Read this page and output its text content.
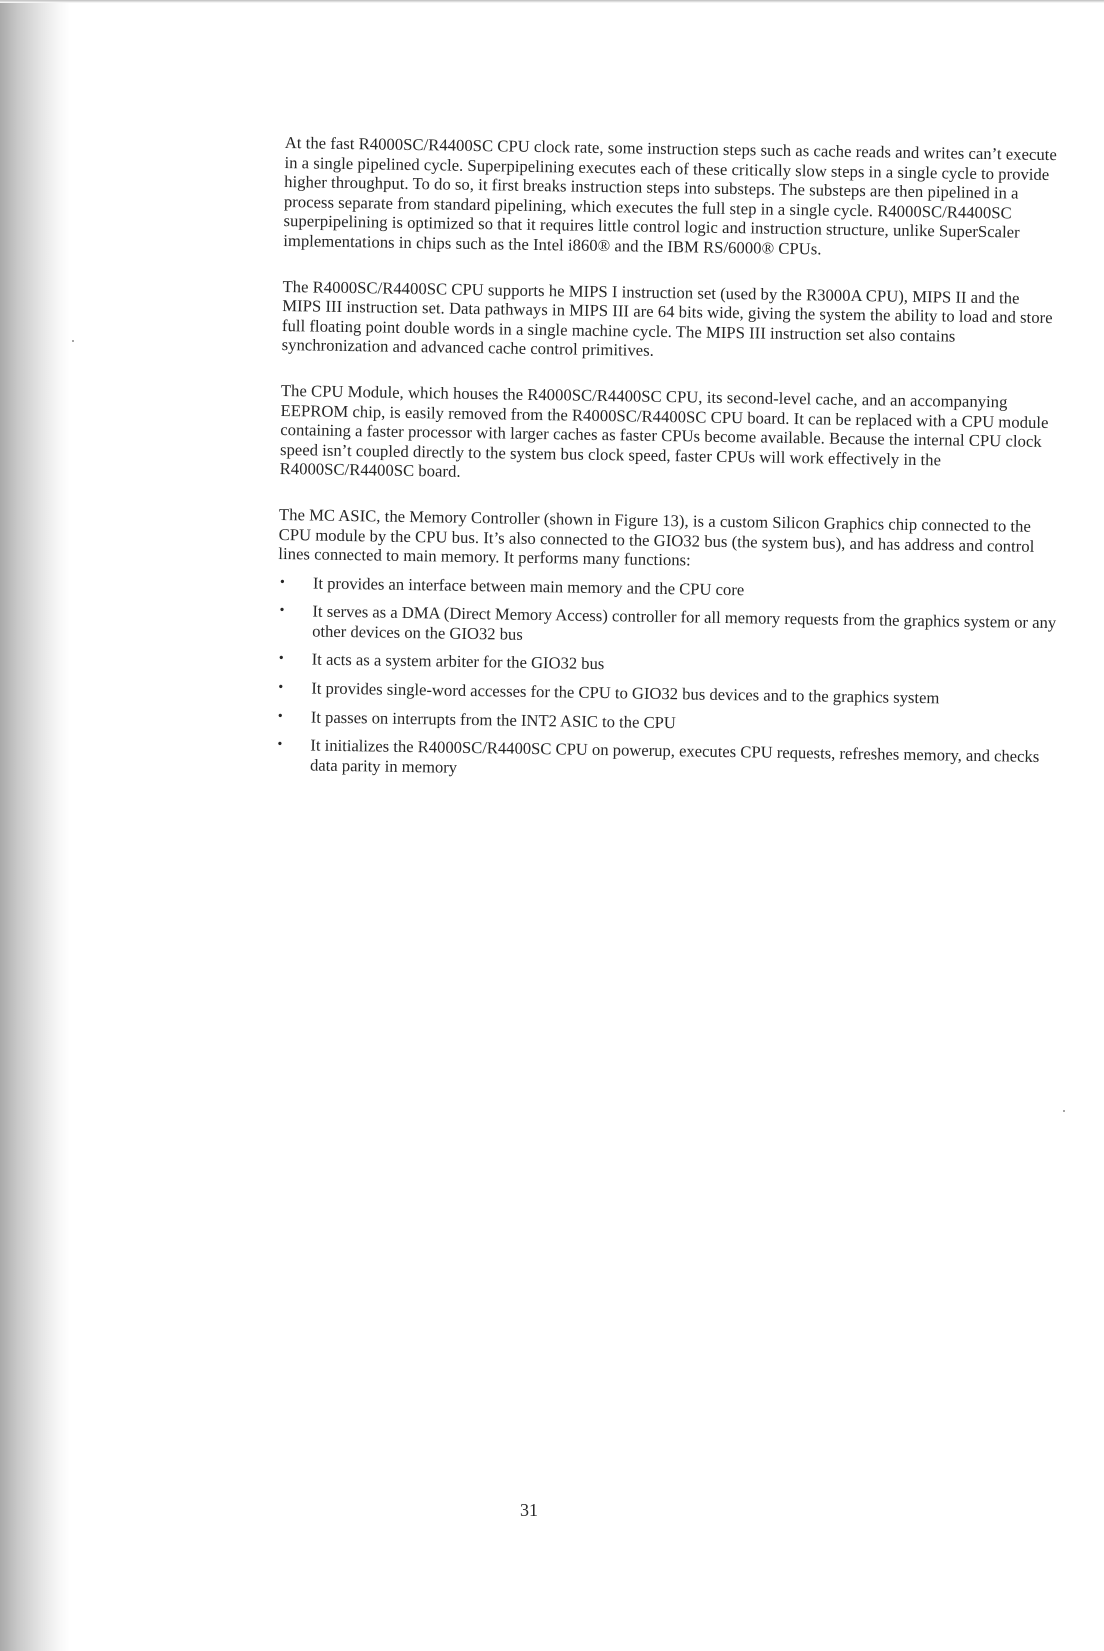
At the fast R4000SC/R4400SC CPU clock rate, some instruction steps such as cache reads and writes can’t execute in a single pipelined cycle. Superpipelining executes each of these critically slow steps in a single cycle to provide higher throughput. To do so, it first breaks instruction steps into substeps. The substeps are then pipelined in a process separate from standard pipelining, which executes the full step in a single cycle. R4000SC/R4400SC superpipelining is optimized so that it requires little control logic and instruction structure, unlike SuperScaler implementations in chips such as the Intel i860® and the IBM RS/6000® CPUs.

The R4000SC/R4400SC CPU supports he MIPS I instruction set (used by the R3000A CPU), MIPS II and the MIPS III instruction set. Data pathways in MIPS III are 64 bits wide, giving the system the ability to load and store full floating point double words in a single machine cycle. The MIPS III instruction set also contains synchronization and advanced cache control primitives.

The CPU Module, which houses the R4000SC/R4400SC CPU, its second-level cache, and an accompanying EEPROM chip, is easily removed from the R4000SC/R4400SC CPU board. It can be replaced with a CPU module containing a faster processor with larger caches as faster CPUs become available. Because the internal CPU clock speed isn’t coupled directly to the system bus clock speed, faster CPUs will work effectively in the R4000SC/R4400SC board.

The MC ASIC, the Memory Controller (shown in Figure 13), is a custom Silicon Graphics chip connected to the CPU module by the CPU bus. It’s also connected to the GIO32 bus (the system bus), and has address and control lines connected to main memory. It performs many functions:

• It provides an interface between main memory and the CPU core
• It serves as a DMA (Direct Memory Access) controller for all memory requests from the graphics system or any other devices on the GIO32 bus
• It acts as a system arbiter for the GIO32 bus
• It provides single-word accesses for the CPU to GIO32 bus devices and to the graphics system
• It passes on interrupts from the INT2 ASIC to the CPU
• It initializes the R4000SC/R4400SC CPU on powerup, executes CPU requests, refreshes memory, and checks data parity in memory
31
